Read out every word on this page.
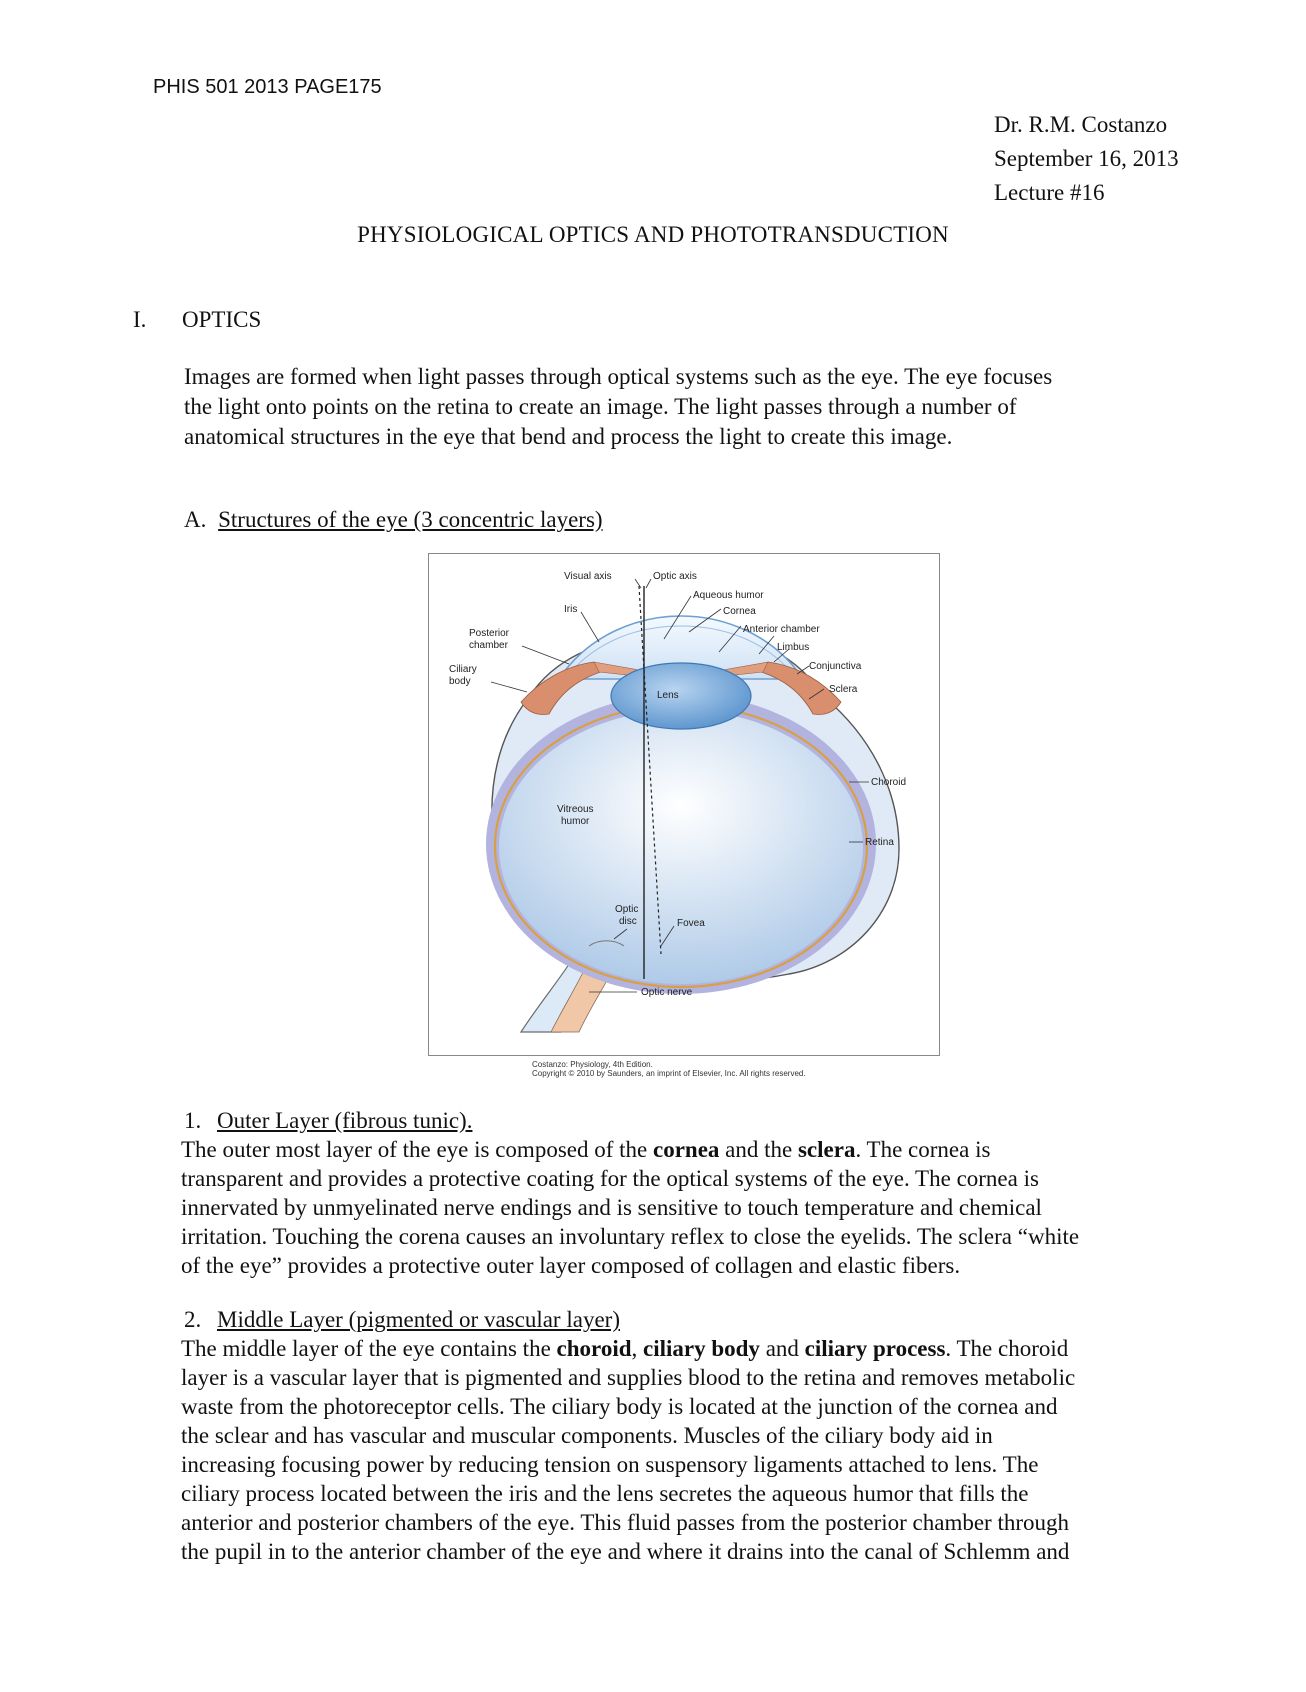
PHIS 501 2013 PAGE175
Dr. R.M. Costanzo
September 16, 2013
Lecture #16
PHYSIOLOGICAL OPTICS AND PHOTOTRANSDUCTION
I. OPTICS
Images are formed when light passes through optical systems such as the eye. The eye focuses
the light onto points on the retina to create an image. The light passes through a number of
anatomical structures in the eye that bend and process the light to create this image.
A. Structures of the eye (3 concentric layers)
Visual axis	Optic axis
Aqueous humor
Cornea
Anterior chamber
Limbus
Conjunctiva
Sclera
Iris
Posterior
chamber
Ciliary
body
Lens
Choroid
Retina
Vitreous
humor
Optic
disc	Fovea
Optic nerve
Costanzo: Physiology, 4th Edition.
Copyright © 2010 by Saunders, an imprint of Elsevier, Inc. All rights reserved.
1. Outer Layer (fibrous tunic).
The outer most layer of the eye is composed of the cornea and the sclera. The cornea is
transparent and provides a protective coating for the optical systems of the eye. The cornea is
innervated by unmyelinated nerve endings and is sensitive to touch temperature and chemical
irritation. Touching the corena causes an involuntary reflex to close the eyelids. The sclera “white
of the eye” provides a protective outer layer composed of collagen and elastic fibers.
2. Middle Layer (pigmented or vascular layer)
The middle layer of the eye contains the choroid, ciliary body and ciliary process. The choroid
layer is a vascular layer that is pigmented and supplies blood to the retina and removes metabolic
waste from the photoreceptor cells. The ciliary body is located at the junction of the cornea and
the sclear and has vascular and muscular components. Muscles of the ciliary body aid in
increasing focusing power by reducing tension on suspensory ligaments attached to lens. The
ciliary process located between the iris and the lens secretes the aqueous humor that fills the
anterior and posterior chambers of the eye. This fluid passes from the posterior chamber through
the pupil in to the anterior chamber of the eye and where it drains into the canal of Schlemm and
